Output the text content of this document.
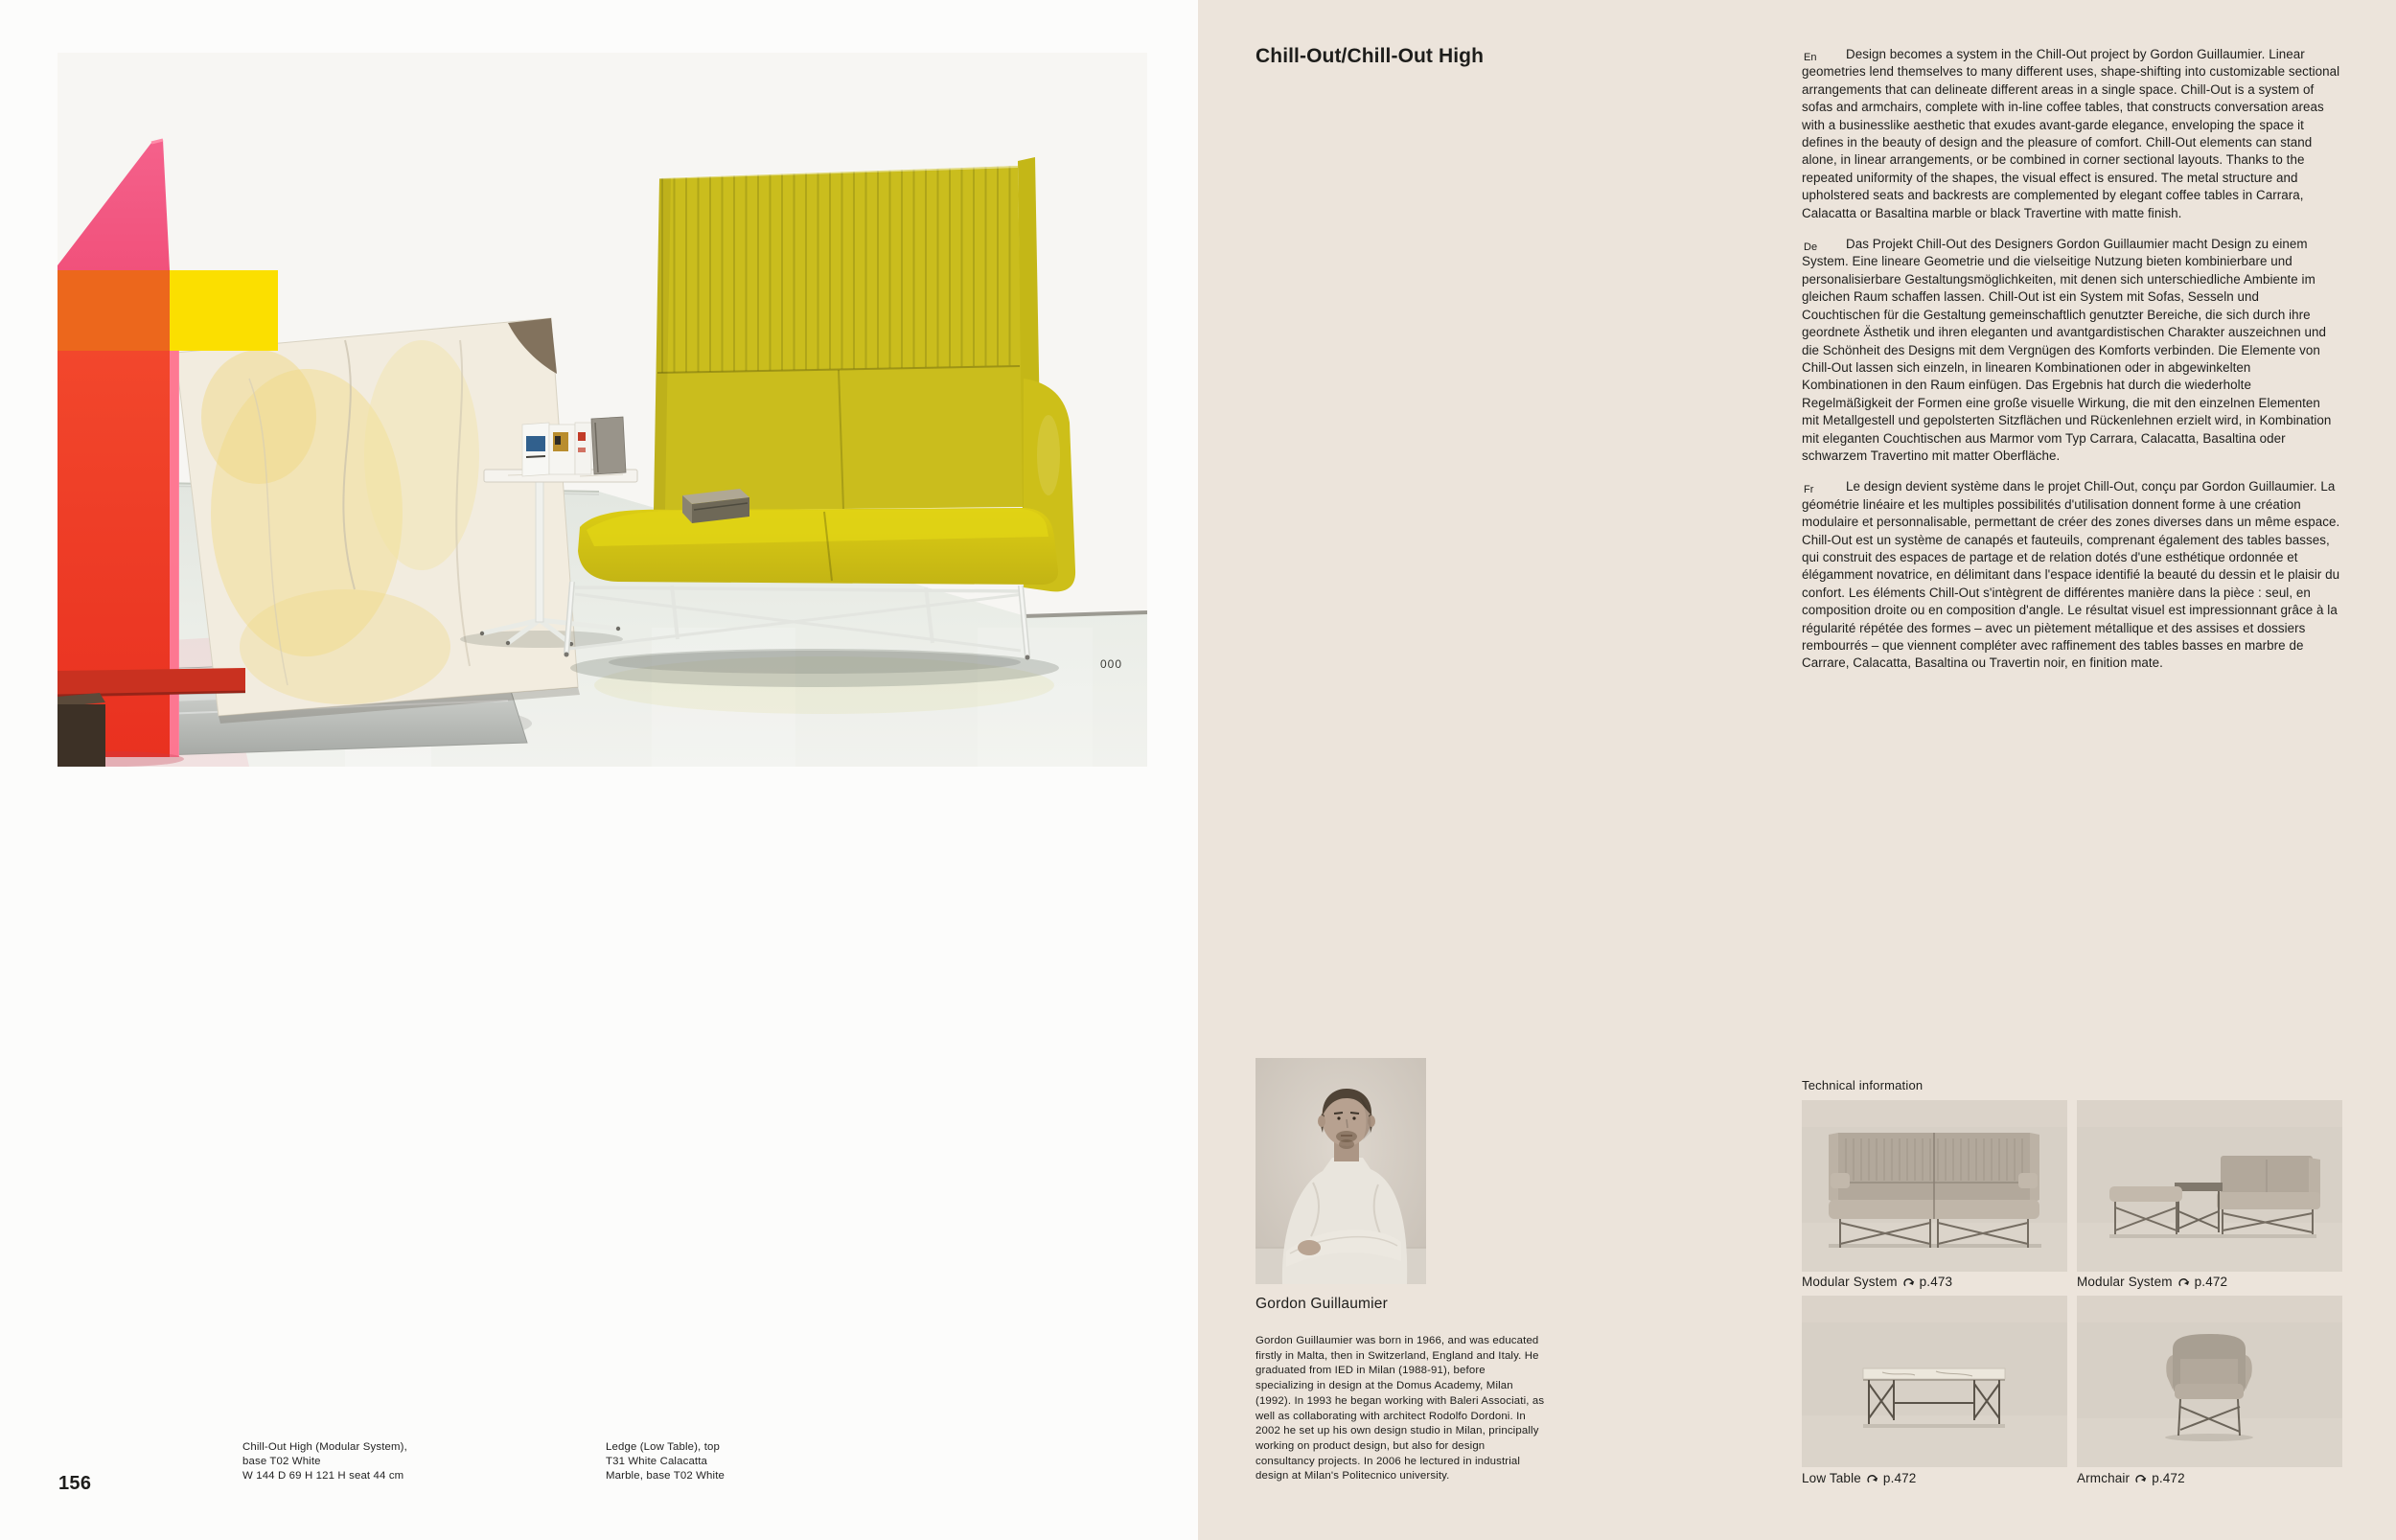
000
156
Chill-Out High (Modular System),
base T02 White
W 144 D 69 H 121 H seat 44 cm
Ledge (Low Table), top
T31 White Calacatta
Marble, base T02 White
Chill-Out/Chill-Out High	En	Design becomes a system in the Chill-Out project by Gordon Guillaumier. Linear geometries lend themselves to many different uses, shape-shifting into customizable sectional arrangements that can delineate different areas in a single space. Chill-Out is a system of sofas and armchairs, complete with in-line coffee tables, that constructs conversation areas with a businesslike aesthetic that exudes avant-garde elegance, enveloping the space it defines in the beauty of design and the pleasure of comfort. Chill-Out elements can stand alone, in linear arrangements, or be combined in corner sectional layouts. Thanks to the repeated uniformity of the shapes, the visual effect is ensured. The metal structure and upholstered seats and backrests are complemented by elegant coffee tables in Carrara, Calacatta or Basaltina marble or black Travertine with matte finish.

De	Das Projekt Chill-Out des Designers Gordon Guillaumier macht Design zu einem System. Eine lineare Geometrie und die vielseitige Nutzung bieten kombinierbare und personalisierbare Gestaltungsmöglichkeiten, mit denen sich unterschiedliche Ambiente im gleichen Raum schaffen lassen. Chill-Out ist ein System mit Sofas, Sesseln und Couchtischen für die Gestaltung gemeinschaftlich genutzter Bereiche, die sich durch ihre geordnete Ästhetik und ihren eleganten und avantgardistischen Charakter auszeichnen und die Schönheit des Designs mit dem Vergnügen des Komforts verbinden. Die Elemente von Chill-Out lassen sich einzeln, in linearen Kombinationen oder in abgewinkelten Kombinationen in den Raum einfügen. Das Ergebnis hat durch die wiederholte Regelmäßigkeit der Formen eine große visuelle Wirkung, die mit den einzelnen Elementen mit Metallgestell und gepolsterten Sitzflächen und Rückenlehnen erzielt wird, in Kombination mit eleganten Couchtischen aus Marmor vom Typ Carrara, Calacatta, Basaltina oder schwarzem Travertino mit matter Oberfläche.

Fr	Le design devient système dans le projet Chill-Out, conçu par Gordon Guillaumier. La géométrie linéaire et les multiples possibilités d'utilisation donnent forme à une création modulaire et personnalisable, permettant de créer des zones diverses dans un même espace. Chill-Out est un système de canapés et fauteuils, comprenant également des tables basses, qui construit des espaces de partage et de relation dotés d'une esthétique ordonnée et élégamment novatrice, en délimitant dans l'espace identifié la beauté du dessin et le plaisir du confort. Les éléments Chill-Out s'intègrent de différentes manière dans la pièce : seul, en composition droite ou en composition d'angle. Le résultat visuel est impressionnant grâce à la régularité répétée des formes – avec un piètement métallique et des assises et dossiers rembourrés – que viennent compléter avec raffinement des tables basses en marbre de Carrare, Calacatta, Basaltina ou Travertin noir, en finition mate.

Gordon Guillaumier
Gordon Guillaumier was born in 1966, and was educated firstly in Malta, then in Switzerland, England and Italy. He graduated from IED in Milan (1988-91), before specializing in design at the Domus Academy, Milan (1992). In 1993 he began working with Baleri Associati, as well as collaborating with architect Rodolfo Dordoni. In 2002 he set up his own design studio in Milan, principally working on product design, but also for design consultancy projects. In 2006 he lectured in industrial design at Milan's Politecnico university.
Technical information
Modular System p.473	Modular System p.472
Low Table p.472	Armchair p.472
